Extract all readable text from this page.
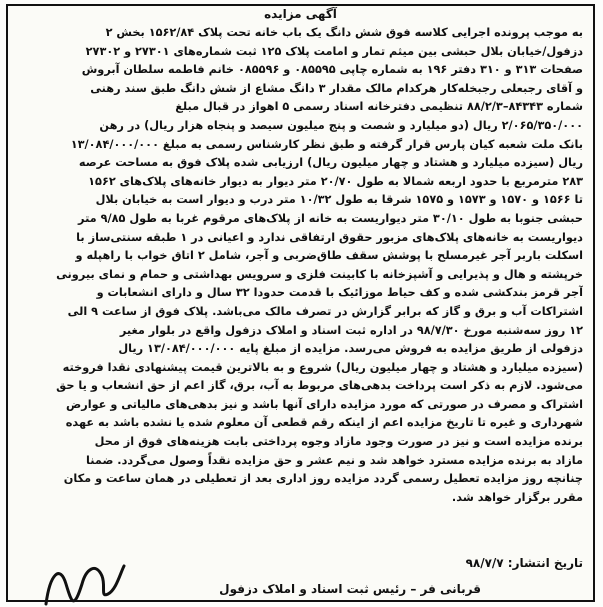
آگهی مزایده
به موجب پرونده اجرایی کلاسه فوق شش دانگ یک باب خانه تحت پلاک ۱۵۶۲/۸۴ بخش ۲
دزفول/خیابان بلال حبشی بین میثم تمار و امامت پلاک ۱۲۵ ثبت شماره‌های ۲۷۳۰۱ و ۲۷۳۰۲
صفحات ۳۱۳ و ۳۱۰ دفتر ۱۹۶ به شماره چاپی ۰۸۵۵۹۵ و ۰۸۵۵۹۶ خانم فاطمه سلطان آبروش
و آقای رجبعلی رجبخله‌کار هرکدام مالک مقدار ۳ دانگ مشاع از شش دانگ طبق سند رهنی
شماره ۸۴۳۴۳–۸۸/۲/۳ تنظیمی دفترخانه اسناد رسمی ۵ اهواز در قبال مبلغ
۲/۰۶۵/۳۵۰/۰۰۰ ریال (دو میلیارد و شصت و پنج میلیون سیصد و پنجاه هزار ریال) در رهن
بانک ملت شعبه کیان پارس قرار گرفته و طبق نظر کارشناس رسمی به مبلغ ۱۳/۰۸۴/۰۰۰/۰۰۰
ریال (سیزده میلیارد و هشتاد و چهار میلیون ریال) ارزیابی شده پلاک فوق به مساحت عرصه
۲۸۳ مترمربع با حدود اربعه شمالا به طول ۲۰/۷۰ متر دیوار به دیوار خانه‌های پلاک‌های ۱۵۶۲
تا ۱۵۶۶ و ۱۵۷۰ و ۱۵۷۳ و ۱۵۷۵ شرقا به طول ۱۰/۳۲ متر درب و دیوار است به خیابان بلال
حبشی جنوبا به طول ۳۰/۱۰ متر دیواریست به خانه از پلاک‌های مرقوم غربا به طول ۹/۸۵ متر
دیواریست به خانه‌های پلاک‌های مزبور حقوق ارتفاقی ندارد و اعیانی در ۱ طبقه سنتی‌ساز با
اسکلت باربر آجر غیرمسلح با پوشش سقف طاق‌ضربی و آجر، شامل ۲ اتاق خواب با راهپله و
خرپشته و هال و پذیرایی و آشپزخانه با کابینت فلزی و سرویس بهداشتی و حمام و نمای بیرونی
آجر قرمز بندکشی شده و کف حیاط موزائیک با قدمت حدودا ۳۲ سال و دارای انشعابات و
اشتراکات آب و برق و گاز که برابر گزارش در تصرف مالک می‌باشد. پلاک فوق از ساعت ۹ الی
۱۲ روز سه‌شنبه مورخ ۹۸/۷/۳۰ در اداره ثبت اسناد و املاک دزفول واقع در بلوار مغیر
دزفولی از طریق مزایده به فروش می‌رسد. مزایده از مبلغ پایه ۱۳/۰۸۴/۰۰۰/۰۰۰ ریال
(سیزده میلیارد و هشتاد و چهار میلیون ریال) شروع و به بالاترین قیمت پیشنهادی نقدا فروخته
می‌شود. لازم به ذکر است پرداخت بدهی‌های مربوط به آب، برق، گاز اعم از حق انشعاب و یا حق
اشتراک و مصرف در صورتی که مورد مزایده دارای آنها باشد و نیز بدهی‌های مالیاتی و عوارض
شهرداری و غیره تا تاریخ مزایده اعم از اینکه رقم قطعی آن معلوم شده یا نشده باشد به عهده
برنده مزایده است و نیز در صورت وجود مازاد وجوه پرداختی بابت هزینه‌های فوق از محل
مازاد به برنده مزایده مسترد خواهد شد و نیم عشر و حق مزایده نقداً وصول می‌گردد. ضمنا
چنانچه روز مزایده تعطیل رسمی گردد مزایده روز اداری بعد از تعطیلی در همان ساعت و مکان
مقرر برگزار خواهد شد.
تاریخ انتشار: ۹۸/۷/۷
قربانی فر – رئیس ثبت اسناد و املاک دزفول
